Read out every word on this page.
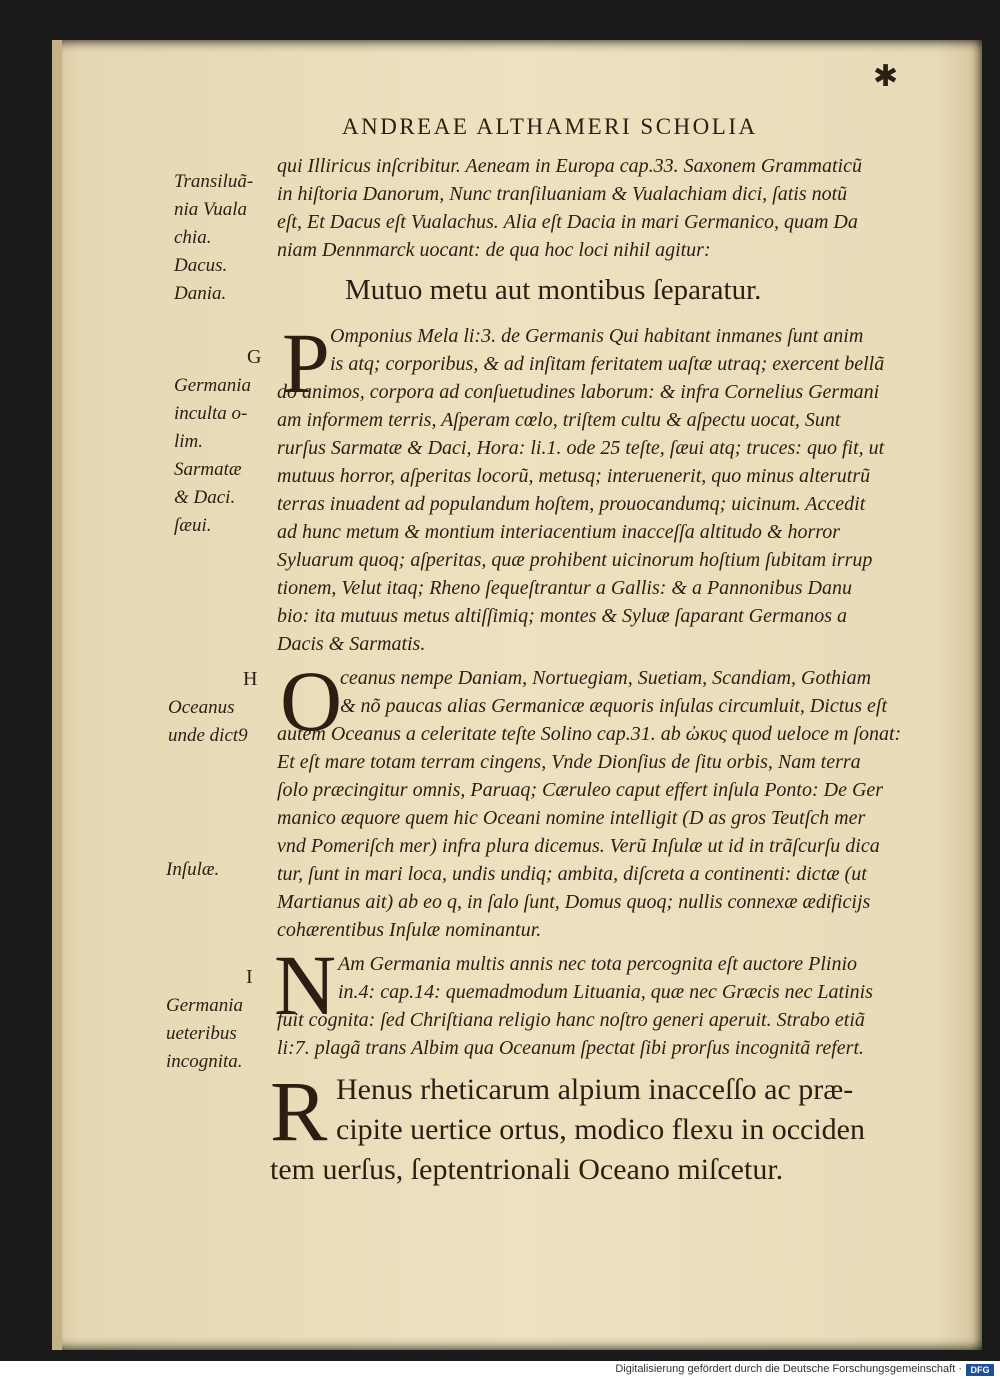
✱
ANDREAE ALTHAMERI SCHOLIA
Transiluã-
nia Vuala
chia.
Dacus.
Dania.
G
Germania
inculta o-
lim.
Sarmatæ
& Daci.
ſæui.
H
Oceanus
unde dict9
Inſulæ.
I
Germania
ueteribus
incognita.
qui Illiricus inſcribitur. Aeneam in Europa cap.33. Saxonem Grammaticũ
in hiſtoria Danorum, Nunc tranſiluaniam & Vualachiam dici, ſatis notũ
eſt, Et Dacus eſt Vualachus. Alia eſt Dacia in mari Germanico, quam Da
niam Dennmarck uocant: de qua hoc loci nihil agitur:
Mutuo metu aut montibus ſeparatur.
P Omponius Mela li:3. de Germanis Qui habitant inmanes ſunt anim
is atq; corporibus, & ad inſitam feritatem uaſtæ utraq; exercent bellã
do animos, corpora ad conſuetudines laborum: & infra Cornelius Germani
am informem terris, Aſperam cœlo, triſtem cultu & aſpectu uocat, Sunt
rurſus Sarmatæ & Daci, Hora: li.1. ode 25 teſte, ſæui atq; truces: quo fit, ut
mutuus horror, aſperitas locorũ, metusq; interuenerit, quo minus alterutrũ
terras inuadent ad populandum hoſtem, prouocandumq; uicinum. Accedit
ad hunc metum & montium interiacentium inacceſſa altitudo & horror
Syluarum quoq; aſperitas, quæ prohibent uicinorum hoſtium ſubitam irrup
tionem, Velut itaq; Rheno ſequeſtrantur a Gallis: & a Pannonibus Danu
bio: ita mutuus metus altiſſimiq; montes & Syluæ ſaparant Germanos a
Dacis & Sarmatis.
O
ceanus nempe Daniam, Nortuegiam, Suetiam, Scandiam, Gothiam
& nõ paucas alias Germanicæ æquoris inſulas circumluit, Dictus eſt
autem Oceanus a celeritate teſte Solino cap.31. ab ὠκυς quod ueloce m ſonat:
Et eſt mare totam terram cingens, Vnde Dionſius de ſitu orbis, Nam terra
ſolo præcingitur omnis, Paruaq; Cæruleo caput effert inſula Ponto: De Ger
manico æquore quem hic Oceani nomine intelligit (D as gros Teutſch mer
vnd Pomeriſch mer) infra plura dicemus. Verũ Inſulæ ut id in trãſcurſu dica
tur, ſunt in mari loca, undis undiq; ambita, diſcreta a continenti: dictæ (ut
Martianus ait) ab eo q, in ſalo ſunt, Domus quoq; nullis connexæ ædificijs
cohærentibus Inſulæ nominantur.
N Am Germania multis annis nec tota percognita eſt auctore Plinio
in.4: cap.14: quemadmodum Lituania, quæ nec Græcis nec Latinis
fuit cognita: ſed Chriſtiana religio hanc noſtro generi aperuit. Strabo etiã
li:7. plagã trans Albim qua Oceanum ſpectat ſibi prorſus incognitã refert.
R Henus rheticarum alpium inacceſſo ac præ-
cipite uertice ortus, modico flexu in occiden
tem uerſus, ſeptentrionali Oceano miſcetur.
Digitalisierung gefördert durch die Deutsche Forschungsgemeinschaft · DFG
